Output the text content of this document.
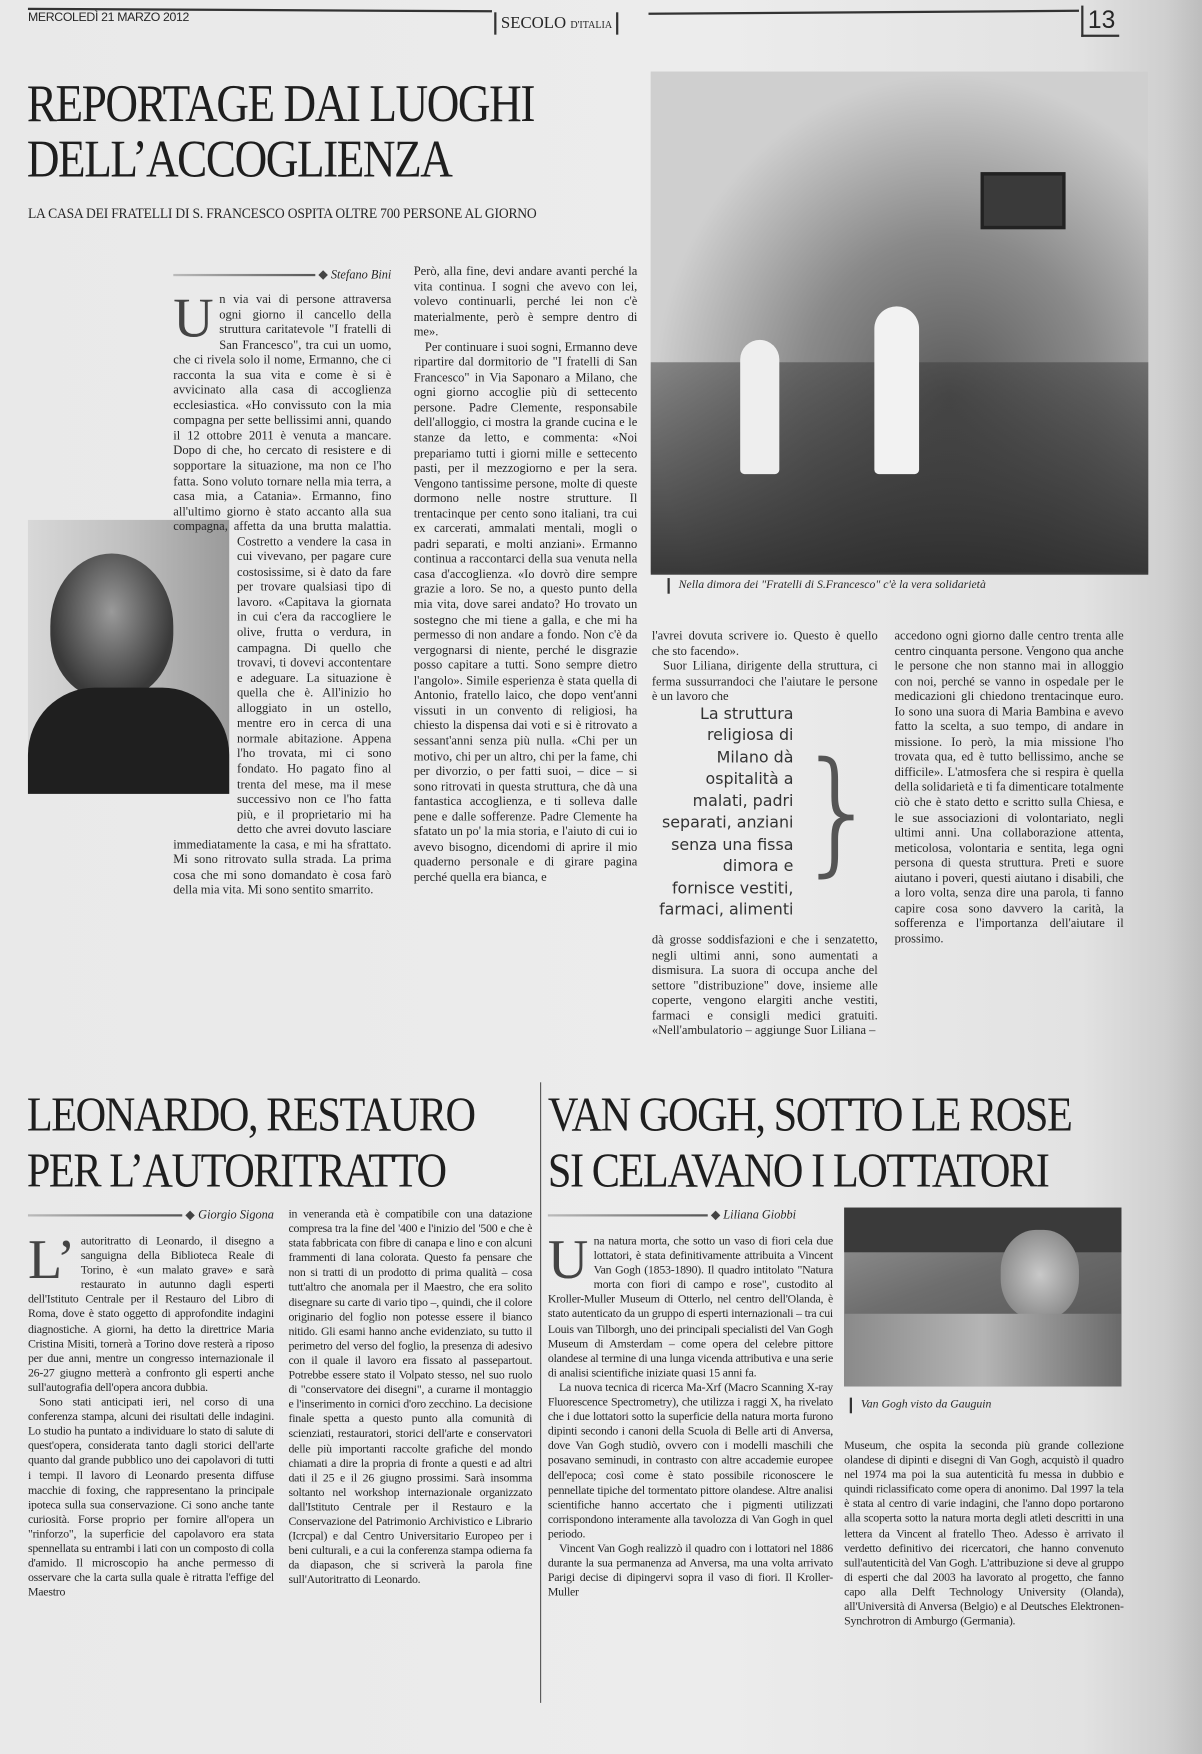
MERCOLEDÌ 21 MARZO 2012	SECOLO D'ITALIA	13
REPORTAGE DAI LUOGHI
DELL’ACCOGLIENZA
LA CASA DEI FRATELLI DI S. FRANCESCO OSPITA OLTRE 700 PERSONE AL GIORNO
Nella dimora dei "Fratelli di S.Francesco" c'è la vera solidarietà
Stefano Bini
U n via vai di persone attraversa ogni giorno il cancello della struttura caritatevole "I fratelli di San Francesco", tra cui un uomo, che ci rivela solo il nome, Ermanno, che ci racconta la sua vita e come è si è avvicinato alla casa di accoglienza ecclesiastica. «Ho convissuto con la mia compagna per sette bellissimi anni, quando il 12 ottobre 2011 è venuta a mancare. Dopo di che, ho cercato di resistere e di sopportare la situazione, ma non ce l'ho fatta. Sono voluto tornare nella mia terra, a casa mia, a Catania». Ermanno, fino all'ultimo giorno è stato accanto alla sua compagna, affetta da una brutta malattia. Costretto a vendere la casa in cui vivevano, per pagare cure costosissime, si è dato da fare per trovare qualsiasi tipo di lavoro. «Capitava la giornata in cui c'era da raccogliere le olive, frutta o verdura, in campagna. Di quello che trovavi, ti dovevi accontentare e adeguare. La situazione è quella che è. All'inizio ho alloggiato in un ostello, mentre ero in cerca di una normale abitazione. Appena l'ho trovata, mi ci sono fondato. Ho pagato fino al trenta del mese, ma il mese successivo non ce l'ho fatta più, e il proprietario mi ha detto che avrei dovuto lasciare immediatamente la casa, e mi ha sfrattato. Mi sono ritrovato sulla strada. La prima cosa che mi sono domandato è cosa farò della mia vita. Mi sono sentito smarrito.

Però, alla fine, devi andare avanti perché la vita continua. I sogni che avevo con lei, volevo continuarli, perché lei non c'è materialmente, però è sempre dentro di me».

Per continuare i suoi sogni, Ermanno deve ripartire dal dormitorio de "I fratelli di San Francesco" in Via Saponaro a Milano, che ogni giorno accoglie più di settecento persone. Padre Clemente, responsabile dell'alloggio, ci mostra la grande cucina e le stanze da letto, e commenta: «Noi prepariamo tutti i giorni mille e settecento pasti, per il mezzogiorno e per la sera. Vengono tantissime persone, molte di queste dormono nelle nostre strutture. Il trentacinque per cento sono italiani, tra cui ex carcerati, ammalati mentali, mogli o padri separati, e molti anziani». Ermanno continua a raccontarci della sua venuta nella casa d'accoglienza. «Io dovrò dire sempre grazie a loro. Se no, a questo punto della mia vita, dove sarei andato? Ho trovato un sostegno che mi tiene a galla, e che mi ha permesso di non andare a fondo. Non c'è da vergognarsi di niente, perché le disgrazie posso capitare a tutti. Sono sempre dietro l'angolo». Simile esperienza è stata quella di Antonio, fratello laico, che dopo vent'anni vissuti in un convento di religiosi, ha chiesto la dispensa dai voti e si è ritrovato a sessant'anni senza più nulla. «Chi per un motivo, chi per un altro, chi per la fame, chi per divorzio, o per fatti suoi, – dice – si sono ritrovati in questa struttura, che dà una fantastica accoglienza, e ti solleva dalle pene e dalle sofferenze. Padre Clemente ha sfatato un po' la mia storia, e l'aiuto di cui io avevo bisogno, dicendomi di aprire il mio quaderno personale e di girare pagina perché quella era bianca, e

l'avrei dovuta scrivere io. Questo è quello che sto facendo».

Suor Liliana, dirigente della struttura, ci ferma sussurrandoci che l'aiutare le persone è un lavoro che

La struttura religiosa di Milano dà ospitalità a malati, padri separati, anziani senza una fissa dimora e fornisce vestiti, farmaci, alimenti
}
dà grosse soddisfazioni e che i senzatetto, negli ultimi anni, sono aumentati a dismisura. La suora di occupa anche del settore "distribuzione" dove, insieme alle coperte, vengono elargiti anche vestiti, farmaci e consigli medici gratuiti. «Nell'ambulatorio – aggiunge Suor Liliana –
accedono ogni giorno dalle centro trenta alle centro cinquanta persone. Vengono qua anche le persone che non stanno mai in alloggio con noi, perché se vanno in ospedale per le medicazioni gli chiedono trentacinque euro. Io sono una suora di Maria Bambina e avevo fatto la scelta, a suo tempo, di andare in missione. Io però, la mia missione l'ho trovata qua, ed è tutto bellissimo, anche se difficile». L'atmosfera che si respira è quella della solidarietà e ti fa dimenticare totalmente ciò che è stato detto e scritto sulla Chiesa, e le sue associazioni di volontariato, negli ultimi anni. Una collaborazione attenta, meticolosa, volontaria e sentita, lega ogni persona di questa struttura. Preti e suore aiutano i poveri, questi aiutano i disabili, che a loro volta, senza dire una parola, ti fanno capire cosa sono davvero la carità, la sofferenza e l'importanza dell'aiutare il prossimo.
LEONARDO, RESTAURO
PER L’AUTORITRATTO
VAN GOGH, SOTTO LE ROSE
SI CELAVANO I LOTTATORI
Giorgio Sigona

L’ autoritratto di Leonardo, il disegno a sanguigna della Biblioteca Reale di Torino, è «un malato grave» e sarà restaurato in autunno dagli esperti dell'Istituto Centrale per il Restauro del Libro di Roma, dove è stato oggetto di approfondite indagini diagnostiche. A giorni, ha detto la direttrice Maria Cristina Misiti, tornerà a Torino dove resterà a riposo per due anni, mentre un congresso internazionale il 26-27 giugno metterà a confronto gli esperti anche sull'autografia dell'opera ancora dubbia.

Sono stati anticipati ieri, nel corso di una conferenza stampa, alcuni dei risultati delle indagini. Lo studio ha puntato a individuare lo stato di salute di quest'opera, considerata tanto dagli storici dell'arte quanto dal grande pubblico uno dei capolavori di tutti i tempi. Il lavoro di Leonardo presenta diffuse macchie di foxing, che rappresentano la principale ipoteca sulla sua conservazione. Ci sono anche tante curiosità. Forse proprio per fornire all'opera un "rinforzo", la superficie del capolavoro era stata spennellata su entrambi i lati con un composto di colla d'amido. Il microscopio ha anche permesso di osservare che la carta sulla quale è ritratta l'effige del Maestro

in veneranda età è compatibile con una datazione compresa tra la fine del '400 e l'inizio del '500 e che è stata fabbricata con fibre di canapa e lino e con alcuni frammenti di lana colorata. Questo fa pensare che non si tratti di un prodotto di prima qualità – cosa tutt'altro che anomala per il Maestro, che era solito disegnare su carte di vario tipo –, quindi, che il colore originario del foglio non potesse essere il bianco nitido. Gli esami hanno anche evidenziato, su tutto il perimetro del verso del foglio, la presenza di adesivo con il quale il lavoro era fissato al passepartout. Potrebbe essere stato il Volpato stesso, nel suo ruolo di "conservatore dei disegni", a curarne il montaggio e l'inserimento in cornici d'oro zecchino. La decisione finale spetta a questo punto alla comunità di scienziati, restauratori, storici dell'arte e conservatori delle più importanti raccolte grafiche del mondo chiamati a dire la propria di fronte a questi e ad altri dati il 25 e il 26 giugno prossimi. Sarà insomma soltanto nel workshop internazionale organizzato dall'Istituto Centrale per il Restauro e la Conservazione del Patrimonio Archivistico e Librario (Icrcpal) e dal Centro Universitario Europeo per i beni culturali, e a cui la conferenza stampa odierna fa da diapason, che si scriverà la parola fine sull'Autoritratto di Leonardo.
Liliana Giobbi

Una natura morta, che sotto un vaso di fiori cela due lottatori, è stata definitivamente attribuita a Vincent Van Gogh (1853-1890). Il quadro intitolato "Natura morta con fiori di campo e rose", custodito al Kroller-Muller Museum di Otterlo, nel centro dell'Olanda, è stato autenticato da un gruppo di esperti internazionali – tra cui Louis van Tilborgh, uno dei principali specialisti del Van Gogh Museum di Amsterdam – come opera del celebre pittore olandese al termine di una lunga vicenda attributiva e una serie di analisi scientifiche iniziate quasi 15 anni fa.

La nuova tecnica di ricerca Ma-Xrf (Macro Scanning X-ray Fluorescence Spectrometry), che utilizza i raggi X, ha rivelato che i due lottatori sotto la superficie della natura morta furono dipinti secondo i canoni della Scuola di Belle arti di Anversa, dove Van Gogh studiò, ovvero con i modelli maschili che posavano seminudi, in contrasto con altre accademie europee dell'epoca; così come è stato possibile riconoscere le pennellate tipiche del tormentato pittore olandese. Altre analisi scientifiche hanno accertato che i pigmenti utilizzati corrispondono interamente alla tavolozza di Van Gogh in quel periodo.

Vincent Van Gogh realizzò il quadro con i lottatori nel 1886 durante la sua permanenza ad Anversa, ma una volta arrivato Parigi decise di dipingervi sopra il vaso di fiori. Il Kroller-Muller

Van Gogh visto da Gauguin
Museum, che ospita la seconda più grande collezione olandese di dipinti e disegni di Van Gogh, acquistò il quadro nel 1974 ma poi la sua autenticità fu messa in dubbio e quindi riclassificato come opera di anonimo. Dal 1997 la tela è stata al centro di varie indagini, che l'anno dopo portarono alla scoperta sotto la natura morta degli atleti descritti in una lettera da Vincent al fratello Theo. Adesso è arrivato il verdetto definitivo dei ricercatori, che hanno convenuto sull'autenticità del Van Gogh. L'attribuzione si deve al gruppo di esperti che dal 2003 ha lavorato al progetto, che fanno capo alla Delft Technology University (Olanda), all'Università di Anversa (Belgio) e al Deutsches Elektronen-Synchrotron di Amburgo (Germania).
